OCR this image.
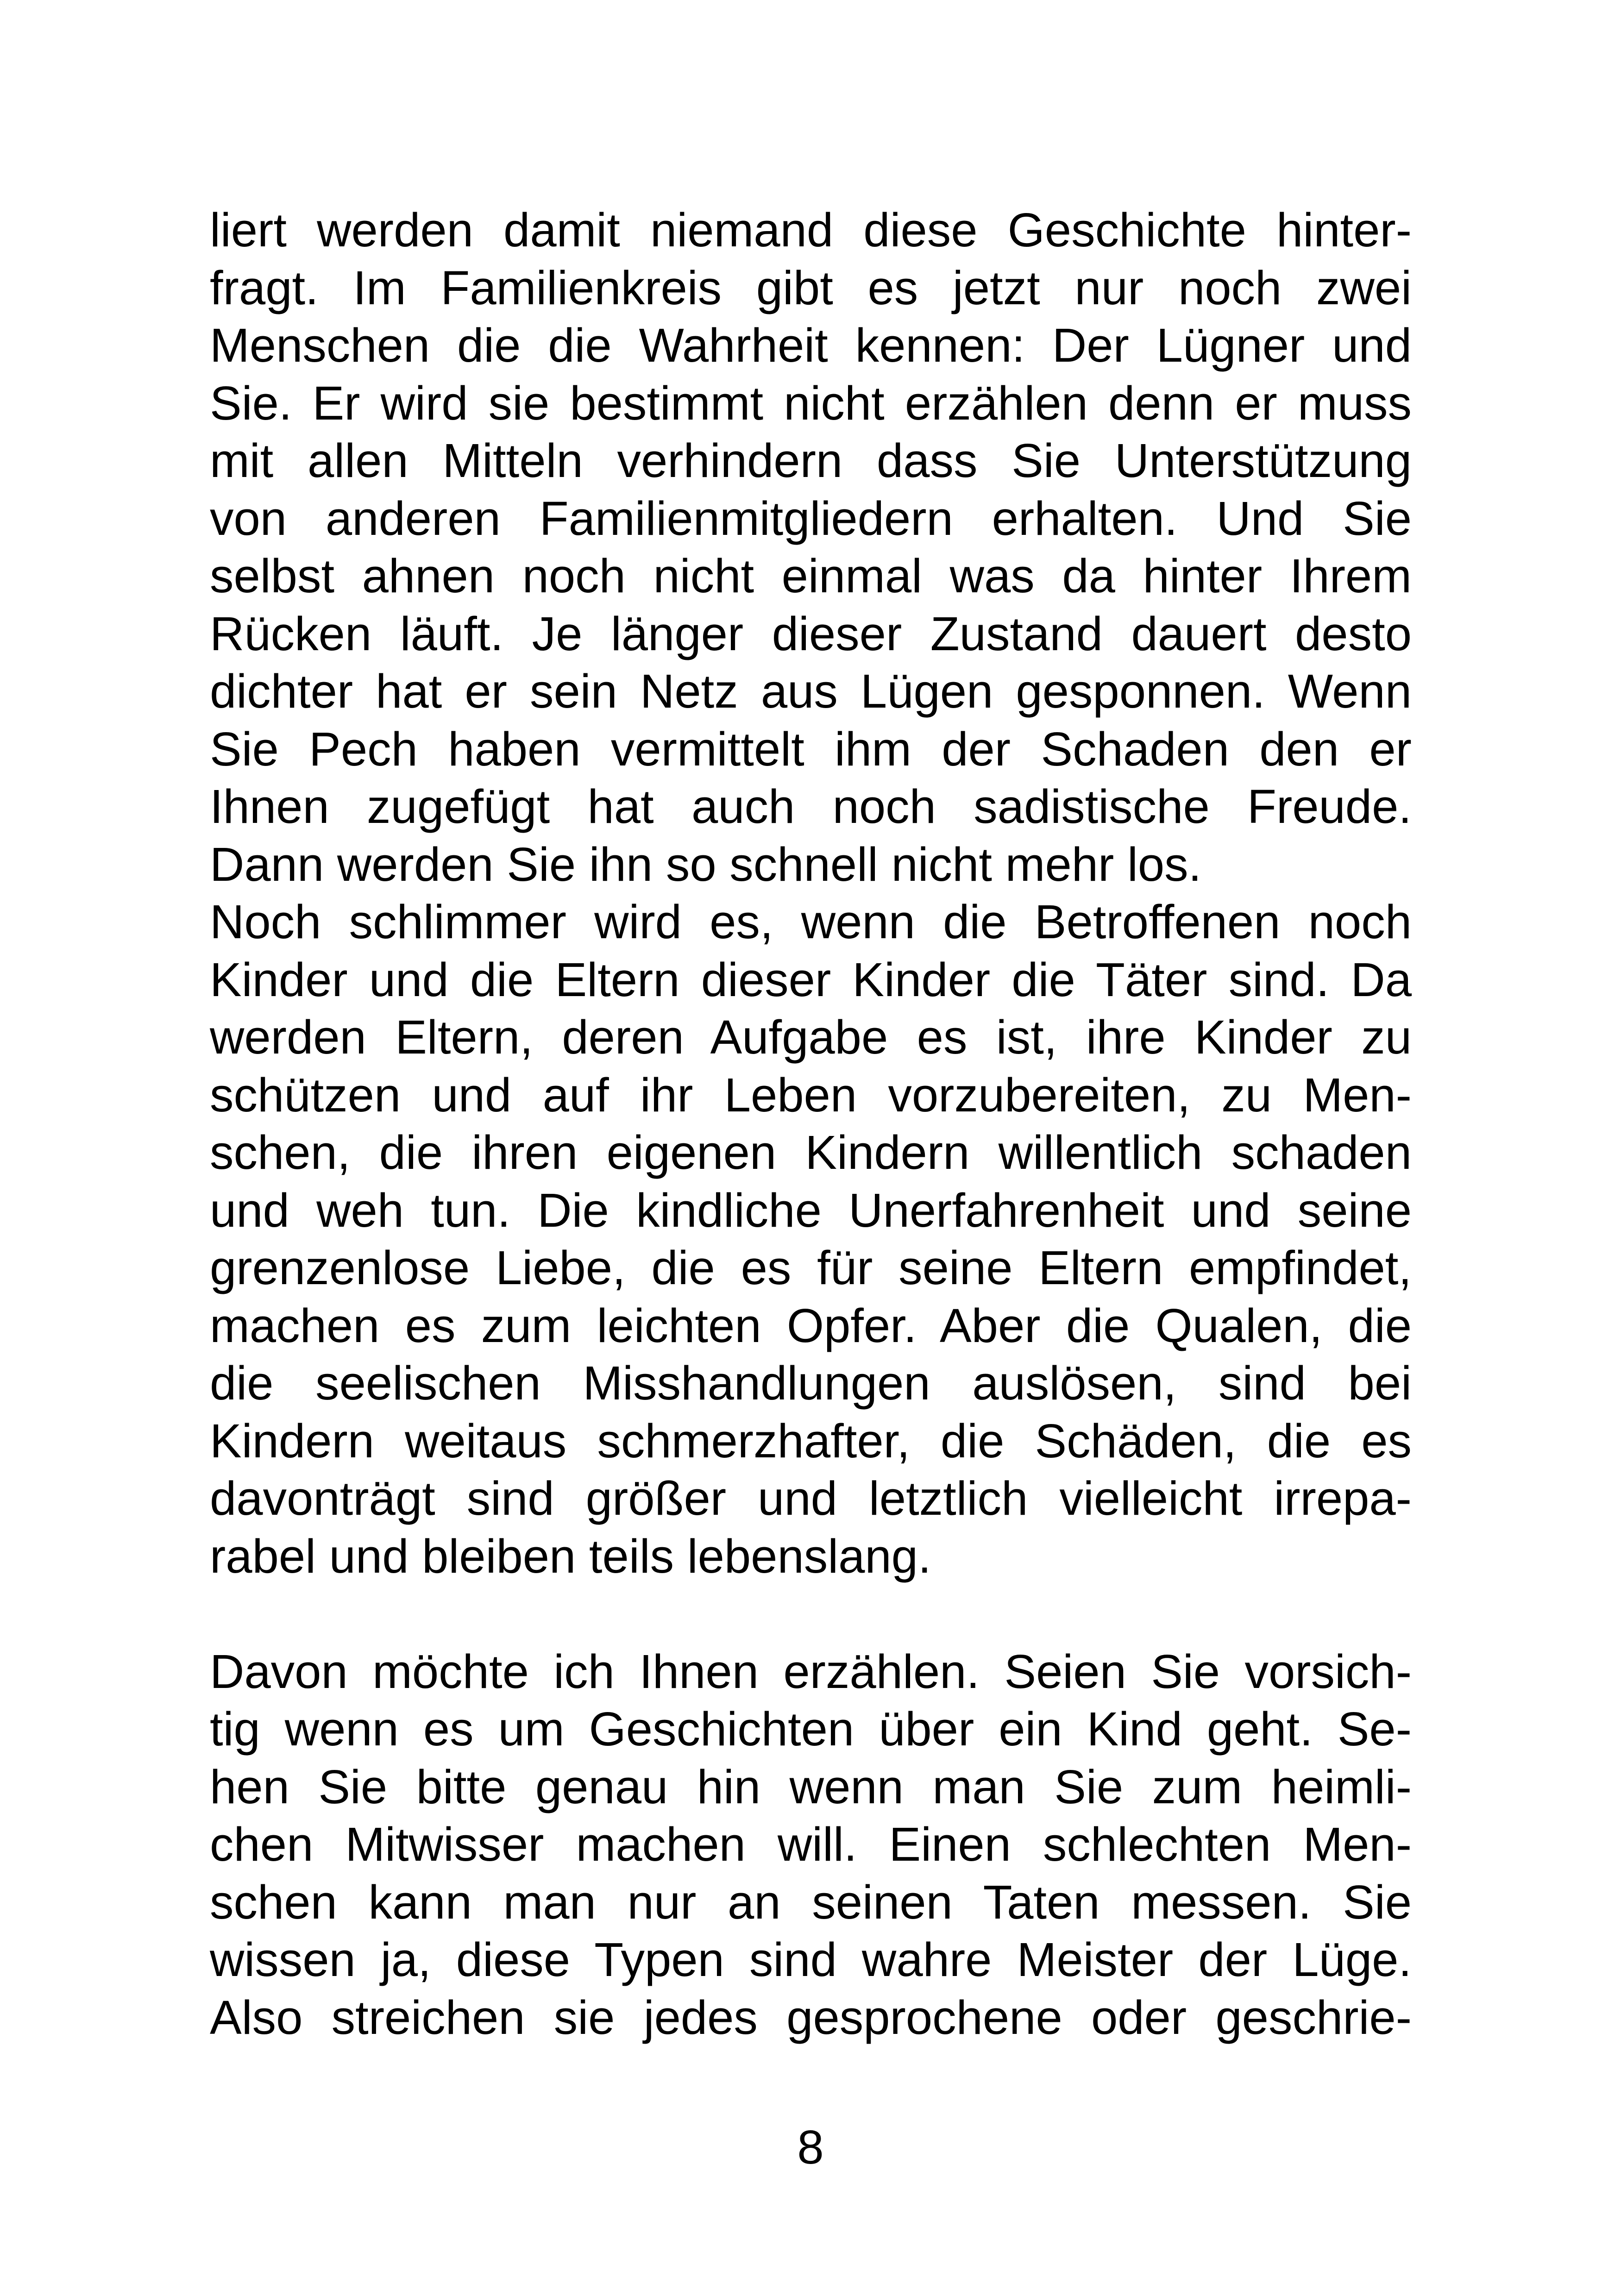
liert werden damit niemand diese Geschichte hinter-
fragt. Im Familienkreis gibt es jetzt nur noch zwei
Menschen die die Wahrheit kennen: Der Lügner und
Sie. Er wird sie bestimmt nicht erzählen denn er muss
mit allen Mitteln verhindern dass Sie Unterstützung
von anderen Familienmitgliedern erhalten. Und Sie
selbst ahnen noch nicht einmal was da hinter Ihrem
Rücken läuft. Je länger dieser Zustand dauert desto
dichter hat er sein Netz aus Lügen gesponnen. Wenn
Sie Pech haben vermittelt ihm der Schaden den er
Ihnen zugefügt hat auch noch sadistische Freude.
Dann werden Sie ihn so schnell nicht mehr los.
Noch schlimmer wird es, wenn die Betroffenen noch
Kinder und die Eltern dieser Kinder die Täter sind. Da
werden Eltern, deren Aufgabe es ist, ihre Kinder zu
schützen und auf ihr Leben vorzubereiten, zu Men-
schen, die ihren eigenen Kindern willentlich schaden
und weh tun. Die kindliche Unerfahrenheit und seine
grenzenlose Liebe, die es für seine Eltern empfindet,
machen es zum leichten Opfer. Aber die Qualen, die
die seelischen Misshandlungen auslösen, sind bei
Kindern weitaus schmerzhafter, die Schäden, die es
davonträgt sind größer und letztlich vielleicht irrepa-
rabel und bleiben teils lebenslang.
Davon möchte ich Ihnen erzählen. Seien Sie vorsich-
tig wenn es um Geschichten über ein Kind geht. Se-
hen Sie bitte genau hin wenn man Sie zum heimli-
chen Mitwisser machen will. Einen schlechten Men-
schen kann man nur an seinen Taten messen. Sie
wissen ja, diese Typen sind wahre Meister der Lüge.
Also streichen sie jedes gesprochene oder geschrie-
8
